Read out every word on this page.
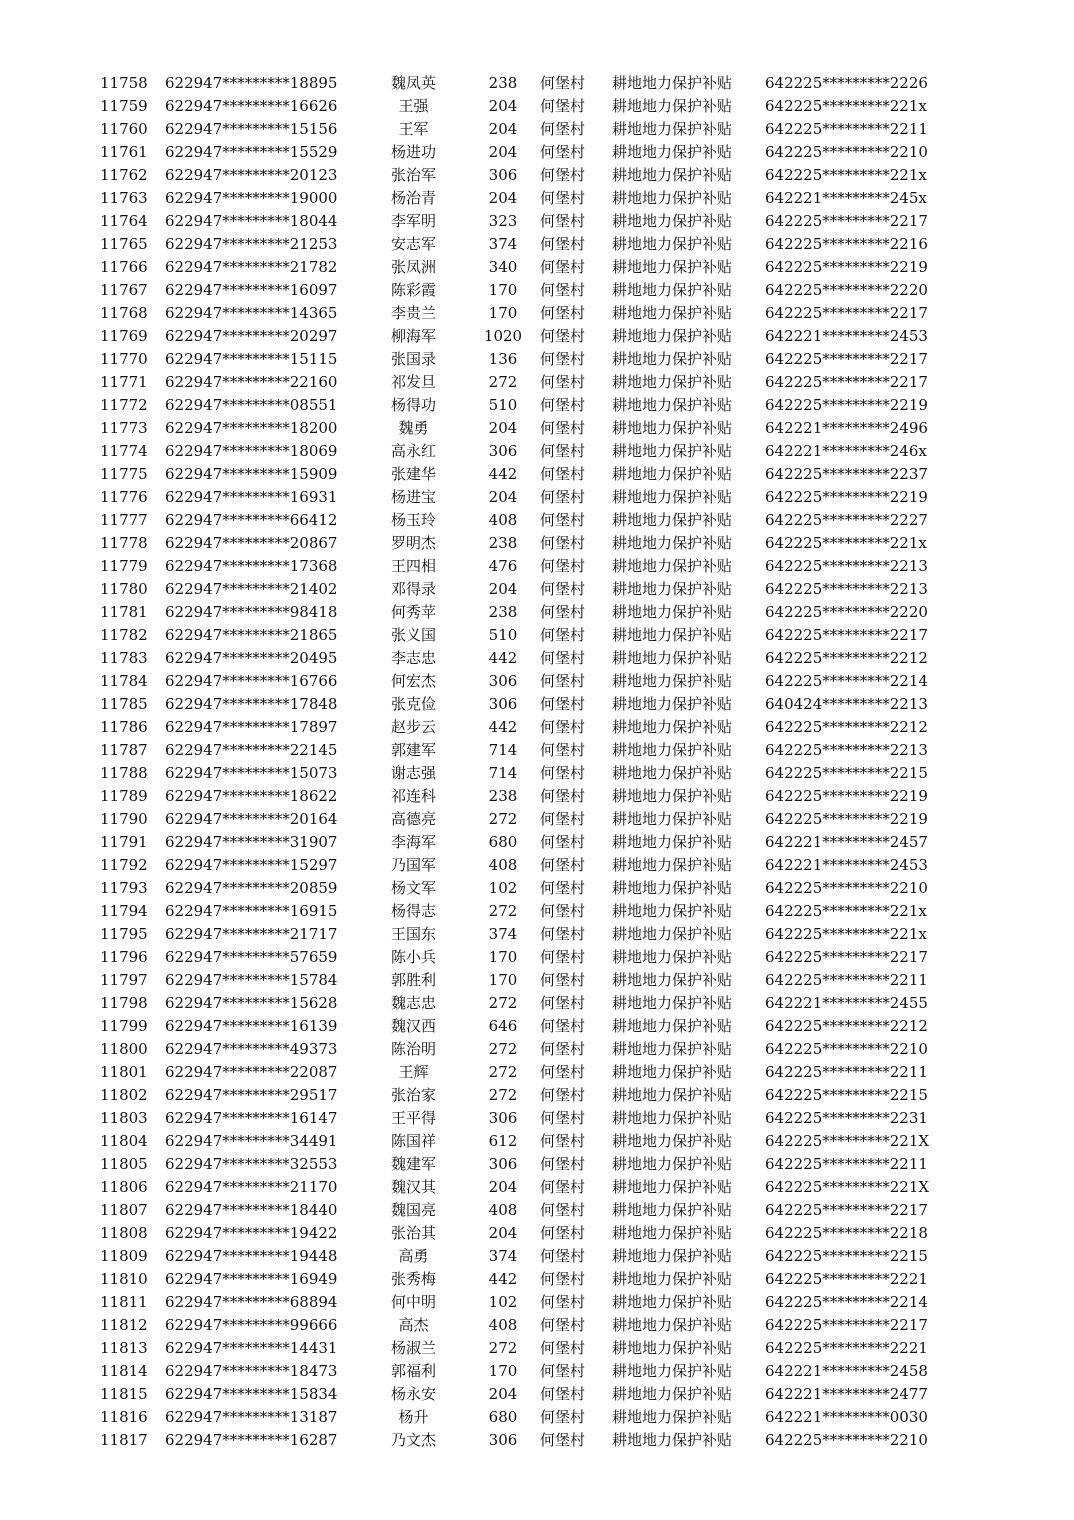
11758	622947*********18895	魏凤英	238	何堡村	耕地地力保护补贴	642225*********2226
11759	622947*********16626	王强	204	何堡村	耕地地力保护补贴	642225*********221x
11760	622947*********15156	王军	204	何堡村	耕地地力保护补贴	642225*********2211
11761	622947*********15529	杨进功	204	何堡村	耕地地力保护补贴	642225*********2210
11762	622947*********20123	张治军	306	何堡村	耕地地力保护补贴	642225*********221x
11763	622947*********19000	杨治青	204	何堡村	耕地地力保护补贴	642221*********245x
11764	622947*********18044	李军明	323	何堡村	耕地地力保护补贴	642225*********2217
11765	622947*********21253	安志军	374	何堡村	耕地地力保护补贴	642225*********2216
11766	622947*********21782	张凤洲	340	何堡村	耕地地力保护补贴	642225*********2219
11767	622947*********16097	陈彩霞	170	何堡村	耕地地力保护补贴	642225*********2220
11768	622947*********14365	李贵兰	170	何堡村	耕地地力保护补贴	642225*********2217
11769	622947*********20297	柳海军	1020	何堡村	耕地地力保护补贴	642221*********2453
11770	622947*********15115	张国录	136	何堡村	耕地地力保护补贴	642225*********2217
11771	622947*********22160	祁发旦	272	何堡村	耕地地力保护补贴	642225*********2217
11772	622947*********08551	杨得功	510	何堡村	耕地地力保护补贴	642225*********2219
11773	622947*********18200	魏勇	204	何堡村	耕地地力保护补贴	642221*********2496
11774	622947*********18069	高永红	306	何堡村	耕地地力保护补贴	642221*********246x
11775	622947*********15909	张建华	442	何堡村	耕地地力保护补贴	642225*********2237
11776	622947*********16931	杨进宝	204	何堡村	耕地地力保护补贴	642225*********2219
11777	622947*********66412	杨玉玲	408	何堡村	耕地地力保护补贴	642225*********2227
11778	622947*********20867	罗明杰	238	何堡村	耕地地力保护补贴	642225*********221x
11779	622947*********17368	王四相	476	何堡村	耕地地力保护补贴	642225*********2213
11780	622947*********21402	邓得录	204	何堡村	耕地地力保护补贴	642225*********2213
11781	622947*********98418	何秀苹	238	何堡村	耕地地力保护补贴	642225*********2220
11782	622947*********21865	张义国	510	何堡村	耕地地力保护补贴	642225*********2217
11783	622947*********20495	李志忠	442	何堡村	耕地地力保护补贴	642225*********2212
11784	622947*********16766	何宏杰	306	何堡村	耕地地力保护补贴	642225*********2214
11785	622947*********17848	张克俭	306	何堡村	耕地地力保护补贴	640424*********2213
11786	622947*********17897	赵步云	442	何堡村	耕地地力保护补贴	642225*********2212
11787	622947*********22145	郭建军	714	何堡村	耕地地力保护补贴	642225*********2213
11788	622947*********15073	谢志强	714	何堡村	耕地地力保护补贴	642225*********2215
11789	622947*********18622	祁连科	238	何堡村	耕地地力保护补贴	642225*********2219
11790	622947*********20164	高德亮	272	何堡村	耕地地力保护补贴	642225*********2219
11791	622947*********31907	李海军	680	何堡村	耕地地力保护补贴	642221*********2457
11792	622947*********15297	乃国军	408	何堡村	耕地地力保护补贴	642221*********2453
11793	622947*********20859	杨文军	102	何堡村	耕地地力保护补贴	642225*********2210
11794	622947*********16915	杨得志	272	何堡村	耕地地力保护补贴	642225*********221x
11795	622947*********21717	王国东	374	何堡村	耕地地力保护补贴	642225*********221x
11796	622947*********57659	陈小兵	170	何堡村	耕地地力保护补贴	642225*********2217
11797	622947*********15784	郭胜利	170	何堡村	耕地地力保护补贴	642225*********2211
11798	622947*********15628	魏志忠	272	何堡村	耕地地力保护补贴	642221*********2455
11799	622947*********16139	魏汉西	646	何堡村	耕地地力保护补贴	642225*********2212
11800	622947*********49373	陈治明	272	何堡村	耕地地力保护补贴	642225*********2210
11801	622947*********22087	王辉	272	何堡村	耕地地力保护补贴	642225*********2211
11802	622947*********29517	张治家	272	何堡村	耕地地力保护补贴	642225*********2215
11803	622947*********16147	王平得	306	何堡村	耕地地力保护补贴	642225*********2231
11804	622947*********34491	陈国祥	612	何堡村	耕地地力保护补贴	642225*********221X
11805	622947*********32553	魏建军	306	何堡村	耕地地力保护补贴	642225*********2211
11806	622947*********21170	魏汉其	204	何堡村	耕地地力保护补贴	642225*********221X
11807	622947*********18440	魏国亮	408	何堡村	耕地地力保护补贴	642225*********2217
11808	622947*********19422	张治其	204	何堡村	耕地地力保护补贴	642225*********2218
11809	622947*********19448	高勇	374	何堡村	耕地地力保护补贴	642225*********2215
11810	622947*********16949	张秀梅	442	何堡村	耕地地力保护补贴	642225*********2221
11811	622947*********68894	何中明	102	何堡村	耕地地力保护补贴	642225*********2214
11812	622947*********99666	高杰	408	何堡村	耕地地力保护补贴	642225*********2217
11813	622947*********14431	杨淑兰	272	何堡村	耕地地力保护补贴	642225*********2221
11814	622947*********18473	郭福利	170	何堡村	耕地地力保护补贴	642221*********2458
11815	622947*********15834	杨永安	204	何堡村	耕地地力保护补贴	642221*********2477
11816	622947*********13187	杨升	680	何堡村	耕地地力保护补贴	642221*********0030
11817	622947*********16287	乃文杰	306	何堡村	耕地地力保护补贴	642225*********2210
